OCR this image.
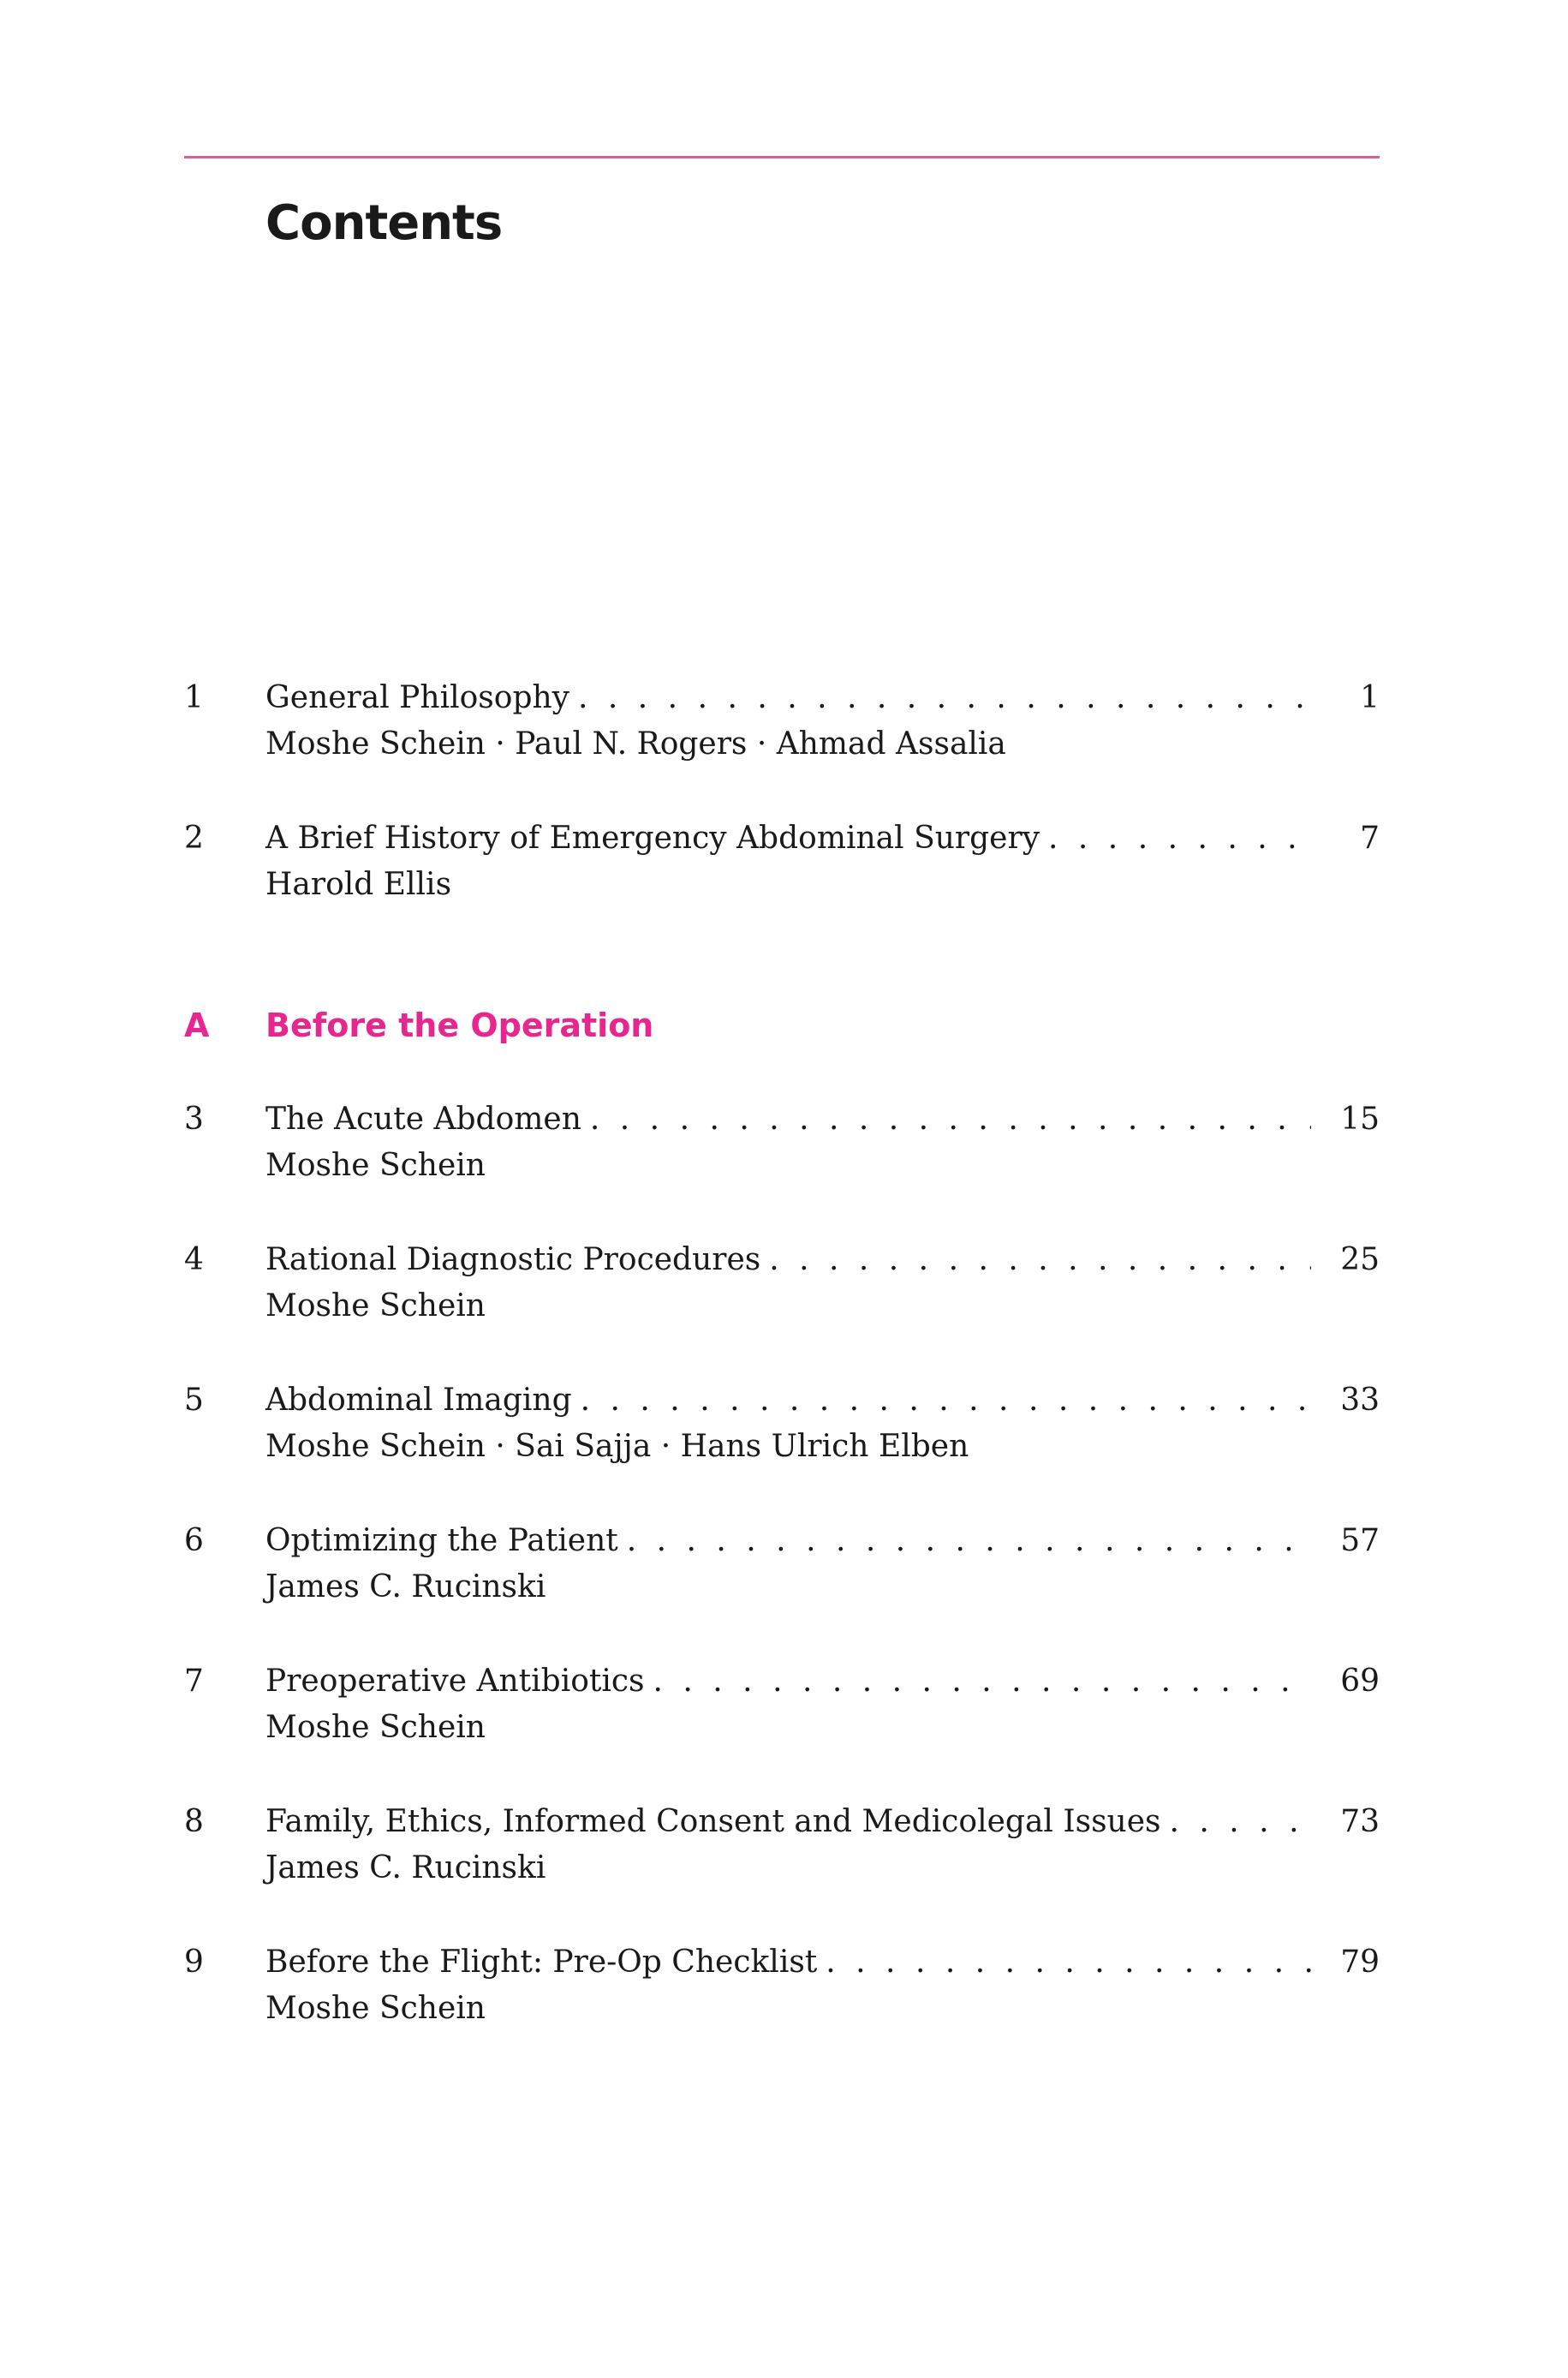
Contents
1 General Philosophy . . .	1
Moshe Schein · Paul N. Rogers · Ahmad Assalia
2 A Brief History of Emergency Abdominal Surgery . . .	7
Harold Ellis
A Before the Operation
3 The Acute Abdomen . . .	15
Moshe Schein
4 Rational Diagnostic Procedures . . .	25
Moshe Schein
5 Abdominal Imaging . . .	33
Moshe Schein · Sai Sajja · Hans Ulrich Elben
6 Optimizing the Patient . . .	57
James C. Rucinski
7 Preoperative Antibiotics . . .	69
Moshe Schein
8 Family, Ethics, Informed Consent and Medicolegal Issues . . .	73
James C. Rucinski
9 Before the Flight: Pre-Op Checklist . . .	79
Moshe Schein
